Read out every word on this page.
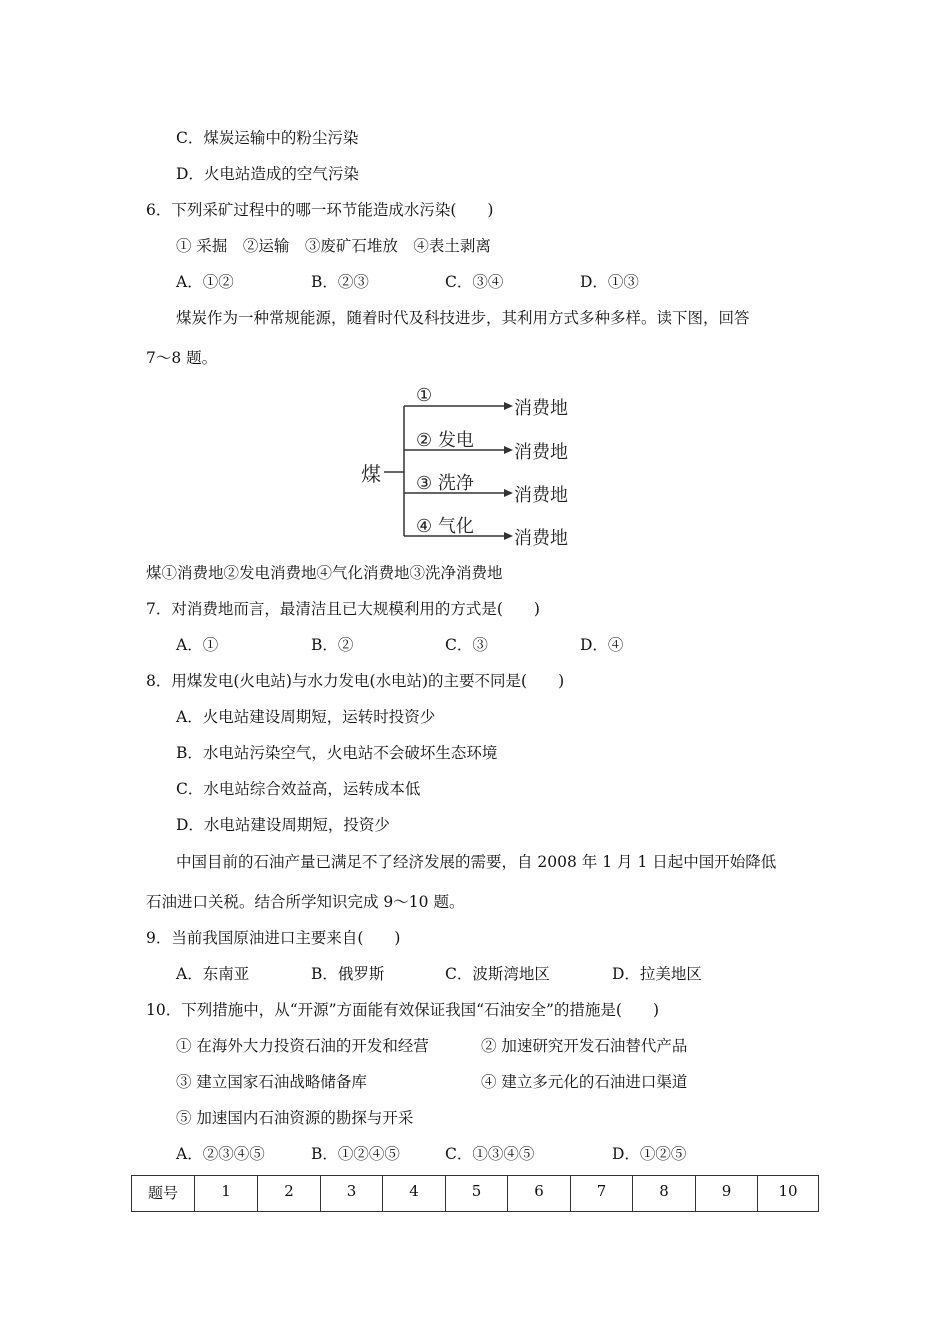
C．煤炭运输中的粉尘污染
D．火电站造成的空气污染
6．下列采矿过程中的哪一环节能造成水污染(　　)
① 采掘　②运输　③废矿石堆放　④表土剥离
A．①②	B．②③	C．③④	D．①③
煤炭作为一种常规能源，随着时代及科技进步，其利用方式多种多样。读下图，回答
7～8 题。
煤
①
消费地
② 发电
消费地
③ 洗净
消费地
④ 气化
消费地
煤①消费地②发电消费地④气化消费地③洗净消费地
7．对消费地而言，最清洁且已大规模利用的方式是(　　)
A．①	B．②	C．③	D．④
8．用煤发电(火电站)与水力发电(水电站)的主要不同是(　　)
A．火电站建设周期短，运转时投资少
B．水电站污染空气，火电站不会破坏生态环境
C．水电站综合效益高，运转成本低
D．水电站建设周期短，投资少
中国目前的石油产量已满足不了经济发展的需要，自 2008 年 1 月 1 日起中国开始降低
石油进口关税。结合所学知识完成 9～10 题。
9．当前我国原油进口主要来自(　　)
A．东南亚	B．俄罗斯	C．波斯湾地区	D．拉美地区
10．下列措施中，从“开源”方面能有效保证我国“石油安全”的措施是(　　)
① 在海外大力投资石油的开发和经营	② 加速研究开发石油替代产品
③ 建立国家石油战略储备库	④ 建立多元化的石油进口渠道
⑤ 加速国内石油资源的勘探与开采
A．②③④⑤	B．①②④⑤	C．①③④⑤	D．①②⑤
题号	1	2	3	4	5	6	7	8	9	10
